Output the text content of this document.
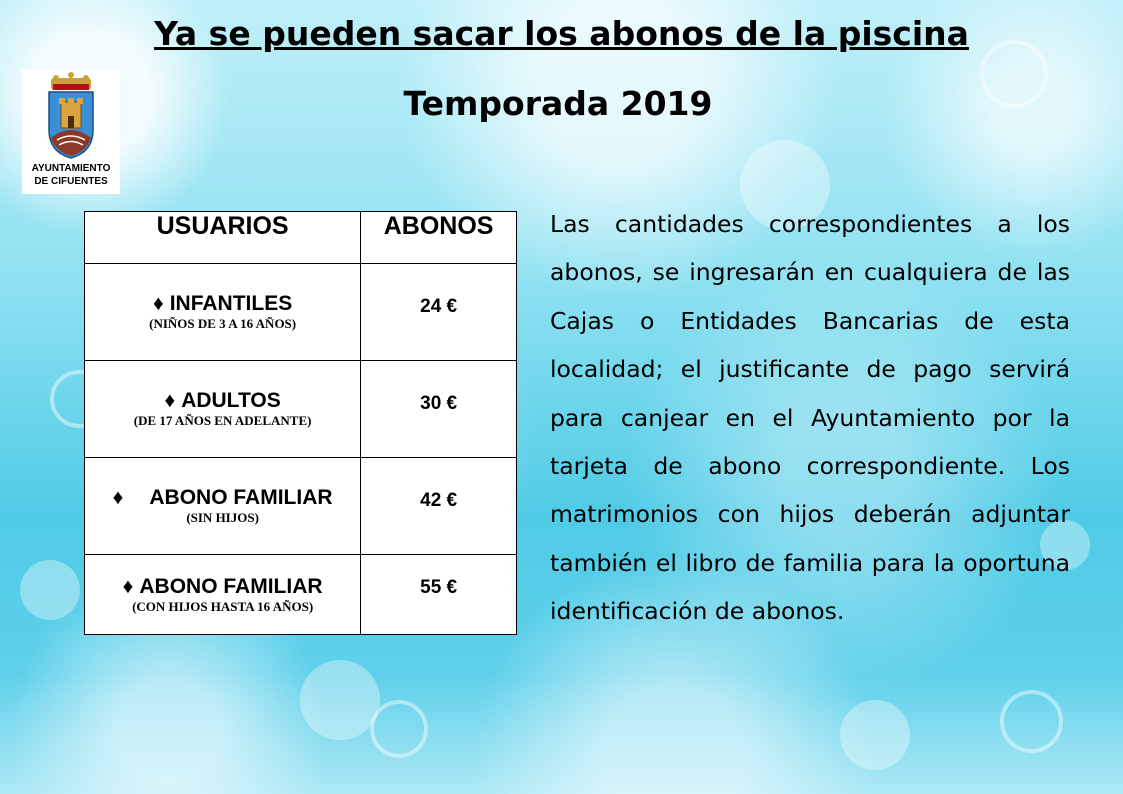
Ya se pueden sacar los abonos de la piscina
Temporada 2019
AYUNTAMIENTO
DE CIFUENTES
USUARIOS	ABONOS

♦ INFANTILES
(NIÑOS DE 3 A 16 AÑOS)	24 €

♦ ADULTOS
(DE 17 AÑOS EN ADELANTE)	30 €

♦ ABONO FAMILIAR
(SIN HIJOS)	42 €

♦ ABONO FAMILIAR
(CON HIJOS HASTA 16 AÑOS)	55 €

Las cantidades correspondientes a los abonos, se ingresarán en cualquiera de las Cajas o Entidades Bancarias de esta localidad; el justificante de pago servirá para canjear en el Ayuntamiento por la tarjeta de abono correspondiente. Los matrimonios con hijos deberán adjuntar también el libro de familia para la oportuna identificación de abonos.
